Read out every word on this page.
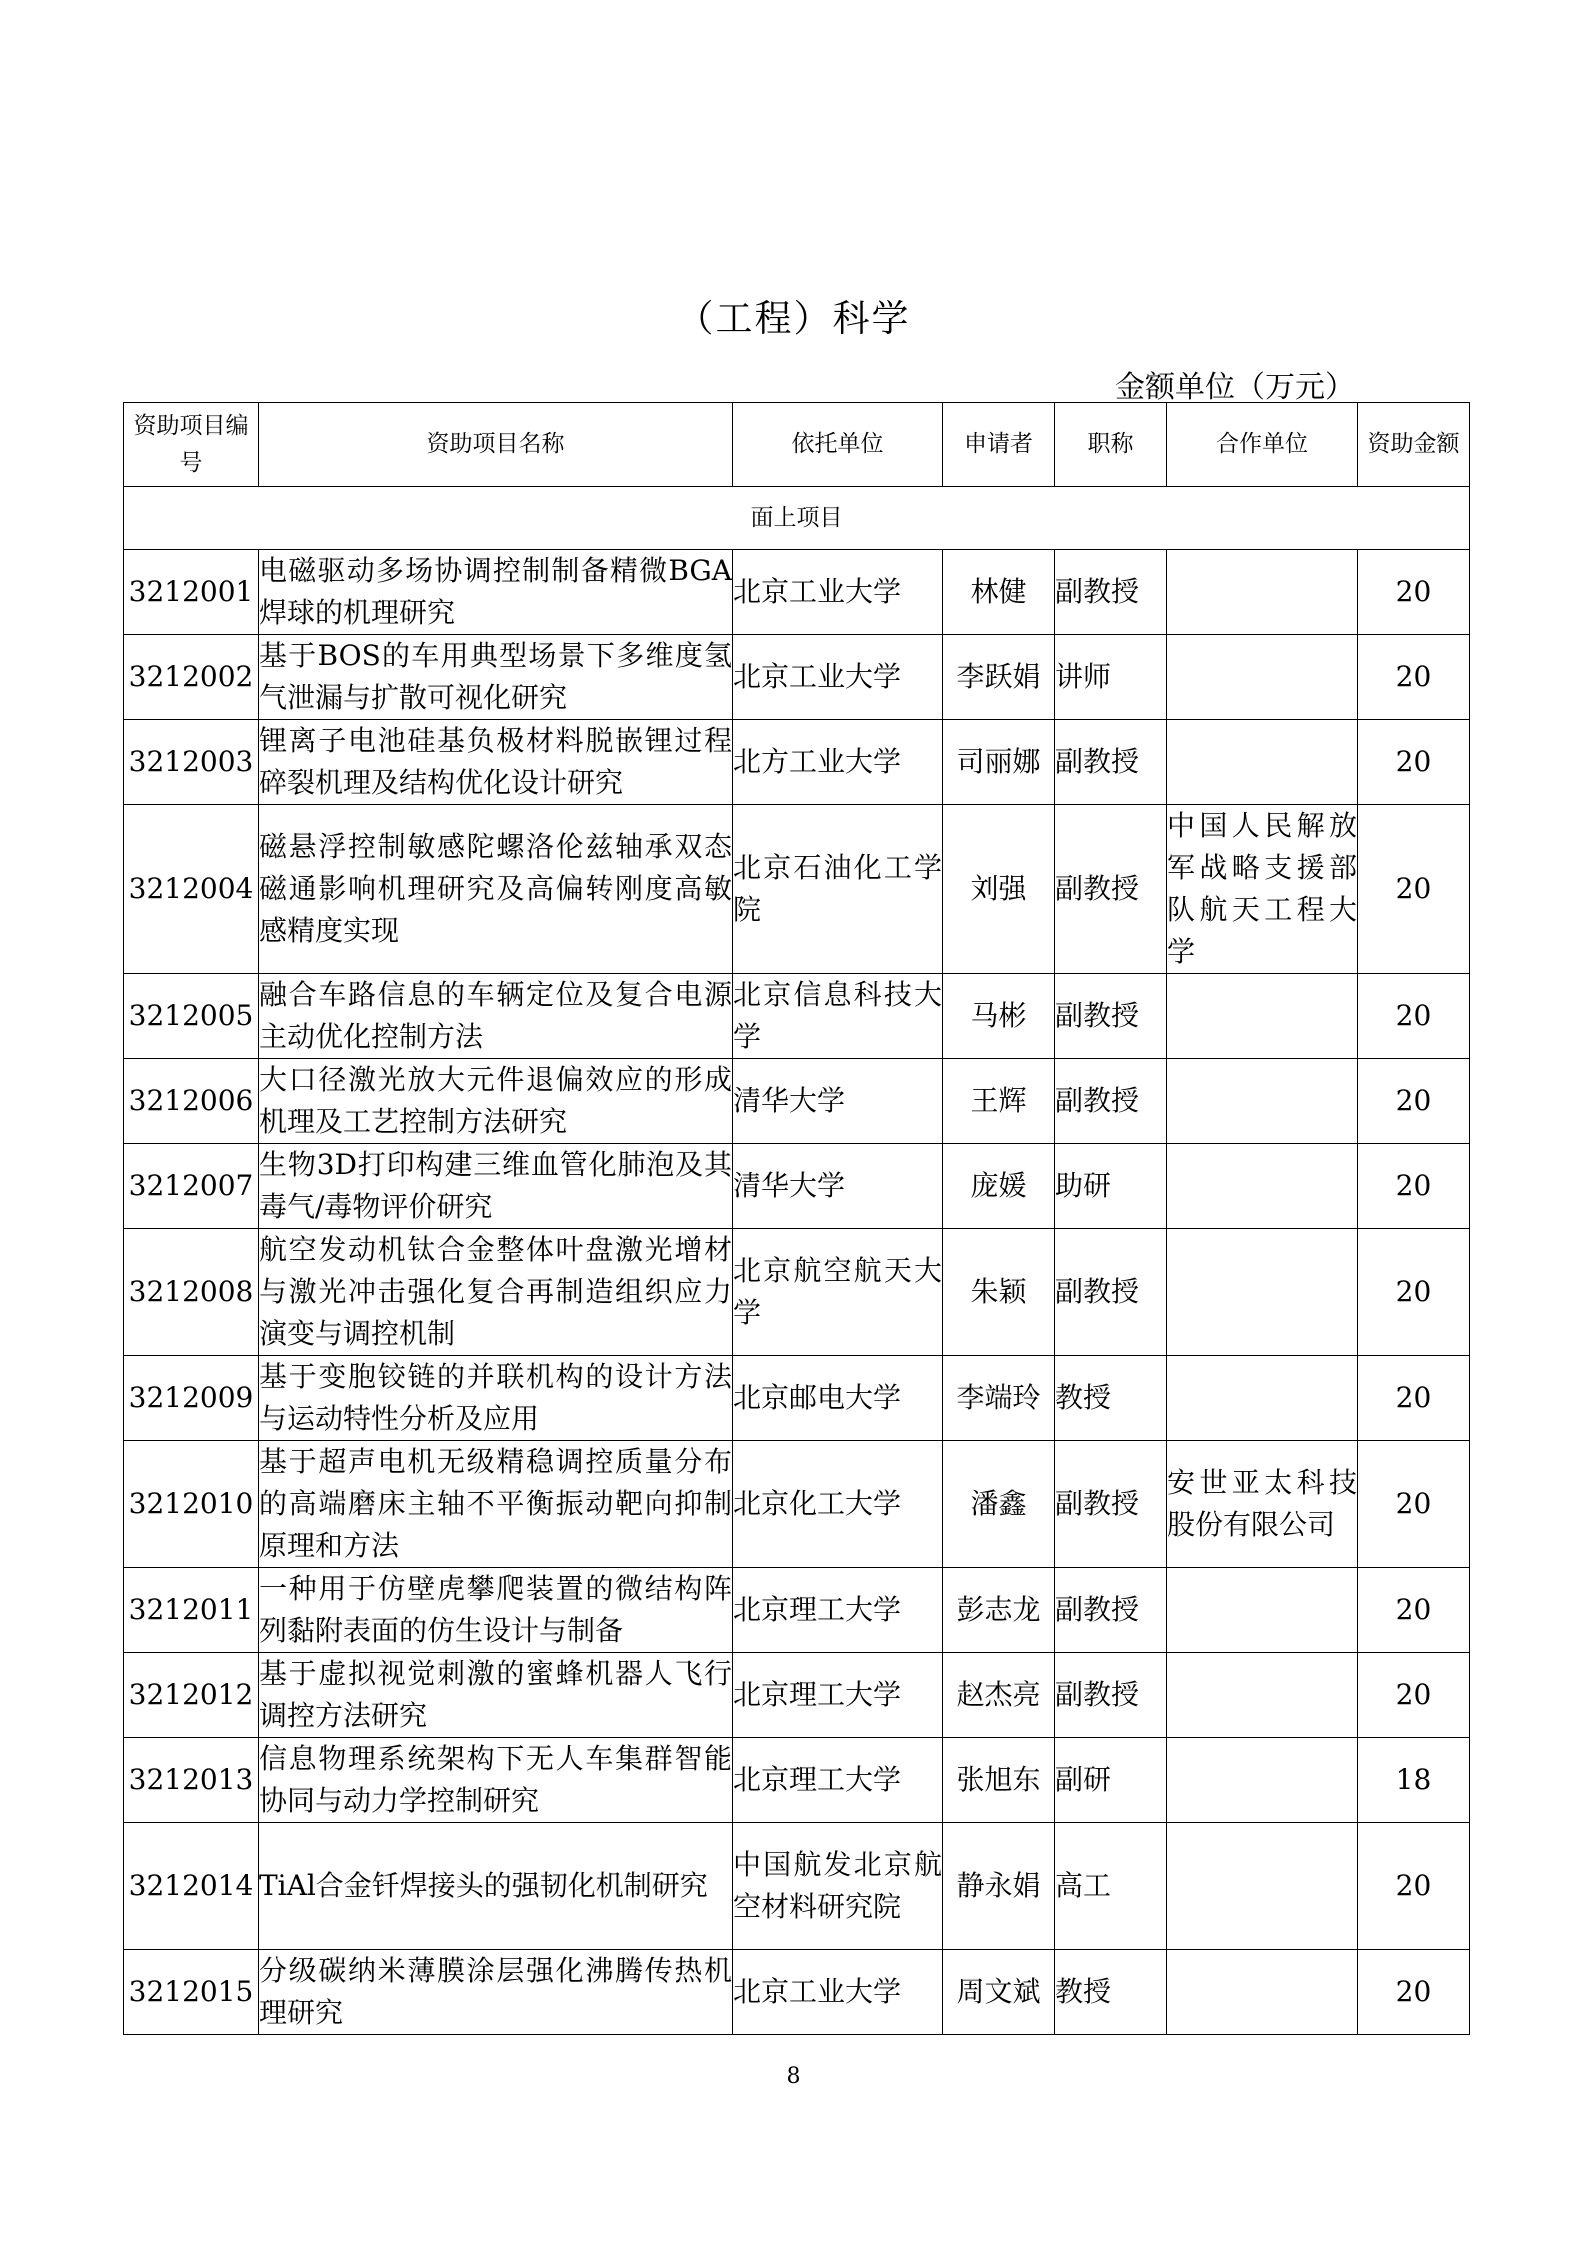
（工程）科学
金额单位（万元）
资助项目编号	资助项目名称	依托单位	申请者	职称	合作单位	资助金额
面上项目						
3212001	电磁驱动多场协调控制制备精微BGA焊球的机理研究	北京工业大学	林健	副教授		20
3212002	基于BOS的车用典型场景下多维度氢气泄漏与扩散可视化研究	北京工业大学	李跃娟	讲师		20
3212003	锂离子电池硅基负极材料脱嵌锂过程碎裂机理及结构优化设计研究	北方工业大学	司丽娜	副教授		20
3212004	磁悬浮控制敏感陀螺洛伦兹轴承双态磁通影响机理研究及高偏转刚度高敏感精度实现	北京石油化工学院	刘强	副教授	中国人民解放军战略支援部队航天工程大学	20
3212005	融合车路信息的车辆定位及复合电源主动优化控制方法	北京信息科技大学	马彬	副教授		20
3212006	大口径激光放大元件退偏效应的形成机理及工艺控制方法研究	清华大学	王辉	副教授		20
3212007	生物3D打印构建三维血管化肺泡及其毒气/毒物评价研究	清华大学	庞媛	助研		20
3212008	航空发动机钛合金整体叶盘激光增材与激光冲击强化复合再制造组织应力演变与调控机制	北京航空航天大学	朱颖	副教授		20
3212009	基于变胞铰链的并联机构的设计方法与运动特性分析及应用	北京邮电大学	李端玲	教授		20
3212010	基于超声电机无级精稳调控质量分布的高端磨床主轴不平衡振动靶向抑制原理和方法	北京化工大学	潘鑫	副教授	安世亚太科技股份有限公司	20
3212011	一种用于仿壁虎攀爬装置的微结构阵列黏附表面的仿生设计与制备	北京理工大学	彭志龙	副教授		20
3212012	基于虚拟视觉刺激的蜜蜂机器人飞行调控方法研究	北京理工大学	赵杰亮	副教授		20
3212013	信息物理系统架构下无人车集群智能协同与动力学控制研究	北京理工大学	张旭东	副研		18
3212014	TiAl合金钎焊接头的强韧化机制研究	中国航发北京航空材料研究院	静永娟	高工		20
3212015	分级碳纳米薄膜涂层强化沸腾传热机理研究	北京工业大学	周文斌	教授		20
8
